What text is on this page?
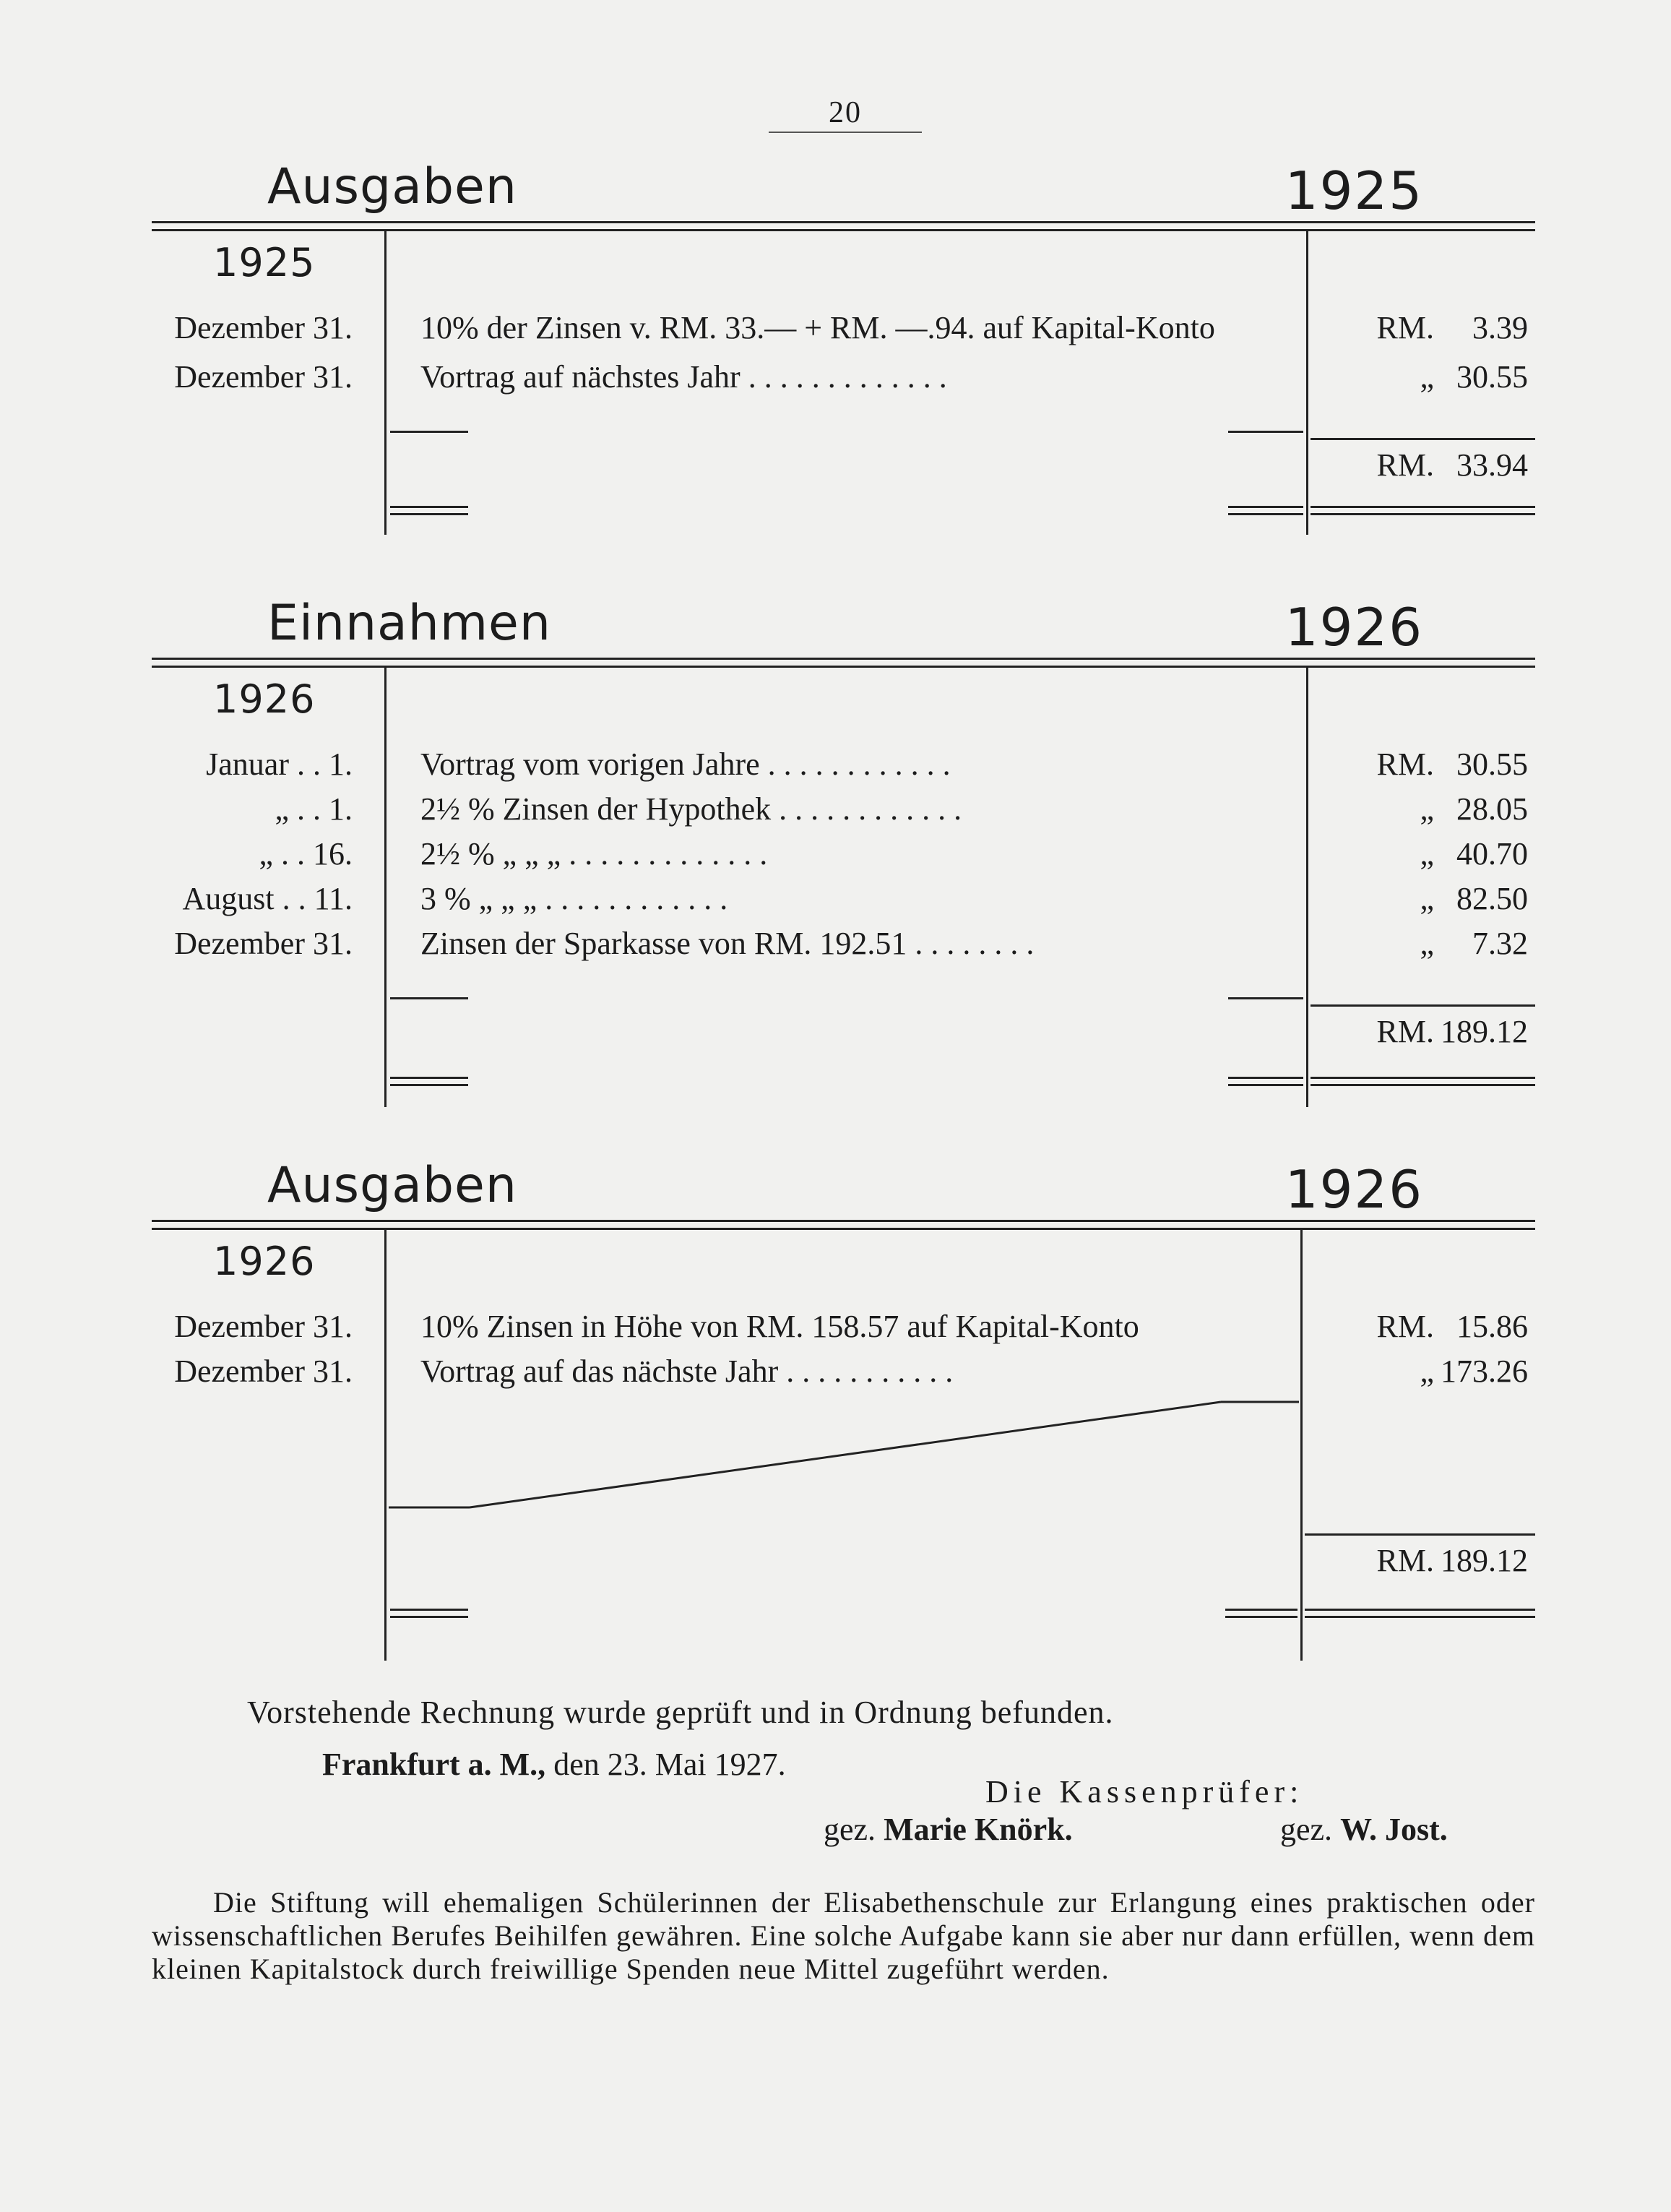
20
Ausgaben	1925
1925
Dezember 31. 10% der Zinsen v. RM. 33.— + RM. —.94. auf Kapital-Konto	RM.	3.39
Dezember 31. Vortrag auf nächstes Jahr . . . . . . . . . . . . .	„ 30.55
RM. 33.94
Einnahmen	1926
1926
Januar . . 1. Vortrag vom vorigen Jahre . . . . . . . . . . . .	RM. 30.55
„ . . 1. 2½ % Zinsen der Hypothek . . . . . . . . . . . .	„ 28.05
„ . . 16. 2½ % „ „ „ . . . . . . . . . . . . .	„ 40.70
August . . 11. 3 % „ „ „ . . . . . . . . . . . .	„ 82.50
Dezember 31. Zinsen der Sparkasse von RM. 192.51 . . . . . . . .	„	7.32
RM. 189.12
Ausgaben	1926
1926
Dezember 31. 10% Zinsen in Höhe von RM. 158.57 auf Kapital-Konto	RM. 15.86
Dezember 31. Vortrag auf das nächste Jahr . . . . . . . . . . .	„ 173.26
RM. 189.12
Vorstehende Rechnung wurde geprüft und in Ordnung befunden.
Frankfurt a. M., den 23. Mai 1927.
Die Kassenprüfer:
gez. Marie Knörk.	gez. W. Jost.

Die Stiftung will ehemaligen Schülerinnen der Elisabethenschule zur Erlangung eines praktischen oder wissenschaftlichen Berufes Beihilfen gewähren. Eine solche Aufgabe kann sie aber nur dann erfüllen, wenn dem kleinen Kapitalstock durch freiwillige Spenden neue Mittel zugeführt werden.
